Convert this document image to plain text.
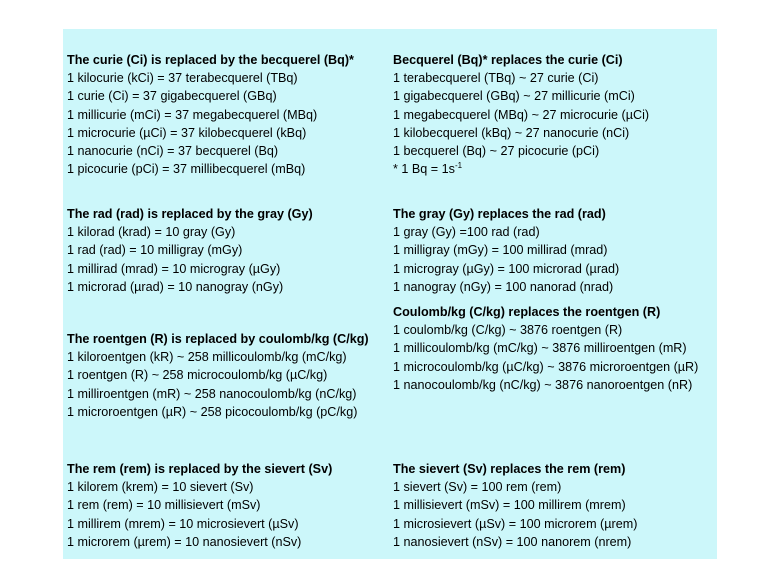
The curie (Ci) is replaced by the becquerel (Bq)*
1 kilocurie (kCi) = 37 terabecquerel (TBq)
1 curie (Ci) = 37 gigabecquerel (GBq)
1 millicurie (mCi) = 37 megabecquerel (MBq)
1 microcurie (µCi) = 37 kilobecquerel (kBq)
1 nanocurie (nCi) = 37 becquerel (Bq)
1 picocurie (pCi) = 37 millibecquerel (mBq)
Becquerel (Bq)* replaces the curie (Ci)
1 terabecquerel (TBq) ~ 27 curie (Ci)
1 gigabecquerel (GBq) ~ 27 millicurie (mCi)
1 megabecquerel (MBq) ~ 27 microcurie (µCi)
1 kilobecquerel (kBq) ~ 27 nanocurie (nCi)
1 becquerel (Bq) ~ 27 picocurie (pCi)
* 1 $Bq = 1s^{-1}$
The rad (rad) is replaced by the gray (Gy)
1 kilorad (krad) = 10 gray (Gy)
1 rad (rad) = 10 milligray (mGy)
1 millirad (mrad) = 10 microgray (µGy)
1 microrad (µrad) = 10 nanogray (nGy)
The gray (Gy) replaces the rad (rad)
1 gray (Gy) =100 rad (rad)
1 milligray (mGy) = 100 millirad (mrad)
1 microgray (µGy) = 100 microrad (µrad)
1 nanogray (nGy) = 100 nanorad (nrad)
Coulomb/kg (C/kg) replaces the roentgen (R)
1 coulomb/kg (C/kg) ~ 3876 roentgen (R)
1 millicoulomb/kg (mC/kg) ~ 3876 milliroentgen (mR)
1 microcoulomb/kg (µC/kg) ~ 3876 microroentgen (µR)
1 nanocoulomb/kg (nC/kg) ~ 3876 nanoroentgen (nR)
The roentgen (R) is replaced by coulomb/kg (C/kg)
1 kiloroentgen (kR) ~ 258 millicoulomb/kg (mC/kg)
1 roentgen (R) ~ 258 microcoulomb/kg (µC/kg)
1 milliroentgen (mR) ~ 258 nanocoulomb/kg (nC/kg)
1 microroentgen (µR) ~ 258 picocoulomb/kg (pC/kg)
The rem (rem) is replaced by the sievert (Sv)
1 kilorem (krem) = 10 sievert (Sv)
1 rem (rem) = 10 millisievert (mSv)
1 millirem (mrem) = 10 microsievert (µSv)
1 microrem (µrem) = 10 nanosievert (nSv)
The sievert (Sv) replaces the rem (rem)
1 sievert (Sv) = 100 rem (rem)
1 millisievert (mSv) = 100 millirem (mrem)
1 microsievert (µSv) = 100 microrem (µrem)
1 nanosievert (nSv) = 100 nanorem (nrem)
